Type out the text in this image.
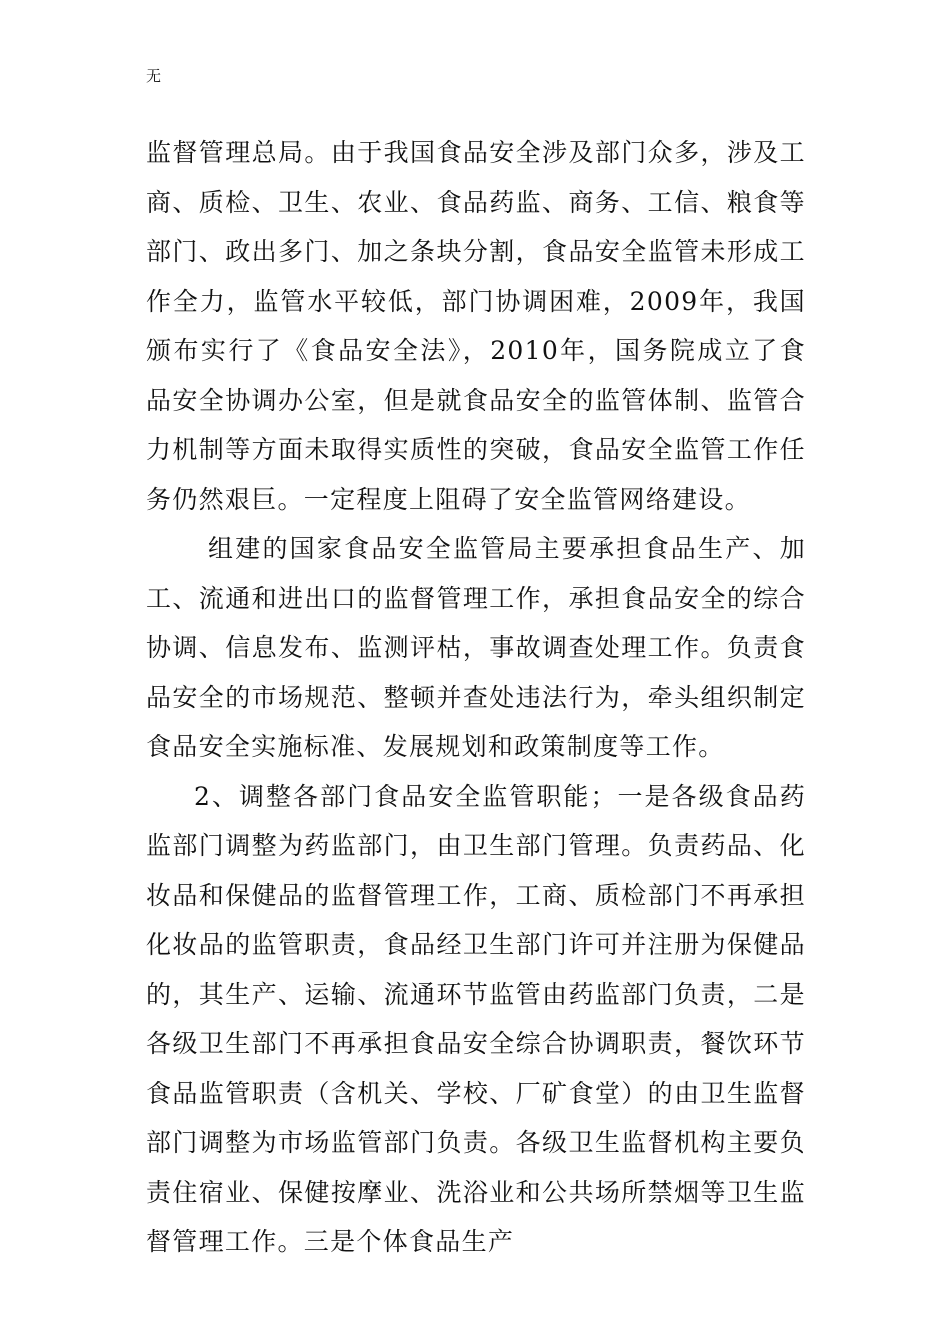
无

监督管理总局。由于我国食品安全涉及部门众多，涉及工商、质检、卫生、农业、食品药监、商务、工信、粮食等部门、政出多门、加之条块分割，食品安全监管未形成工作全力，监管水平较低，部门协调困难，2009年，我国颁布实行了《食品安全法》，2010年，国务院成立了食品安全协调办公室，但是就食品安全的监管体制、监管合力机制等方面未取得实质性的突破，食品安全监管工作任务仍然艰巨。一定程度上阻碍了安全监管网络建设。

组建的国家食品安全监管局主要承担食品生产、加工、流通和进出口的监督管理工作，承担食品安全的综合协调、信息发布、监测评枯，事故调查处理工作。负责食品安全的市场规范、整顿并查处违法行为，牵头组织制定食品安全实施标准、发展规划和政策制度等工作。

2、调整各部门食品安全监管职能；一是各级食品药监部门调整为药监部门，由卫生部门管理。负责药品、化妆品和保健品的监督管理工作，工商、质检部门不再承担化妆品的监管职责，食品经卫生部门许可并注册为保健品的，其生产、运输、流通环节监管由药监部门负责，二是各级卫生部门不再承担食品安全综合协调职责，餐饮环节食品监管职责（含机关、学校、厂矿食堂）的由卫生监督部门调整为市场监管部门负责。各级卫生监督机构主要负责住宿业、保健按摩业、洗浴业和公共场所禁烟等卫生监督管理工作。三是个体食品生产
